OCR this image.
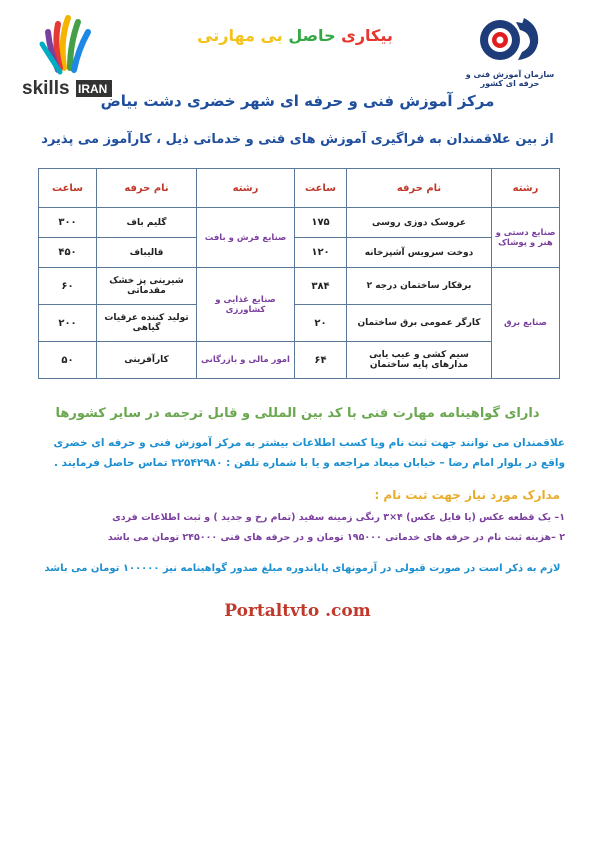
سازمان آموزش فنی و حرفه ای کشور
skills IRAN
بیکاری حاصل بی مهارتی
مرکز آموزش فنی و حرفه ای شهر خضری دشت بیاض
از بین علاقمندان به فراگیری آموزش های فنی و خدماتی ذیل ، کارآموز می پذیرد
رشته	نام حرفه	ساعت	رشته	نام حرفه	ساعت
صنایع دستی و هنر و پوشاک	عروسک دوزی روسی	۱۷۵	صنایع فرش و بافت	گلیم باف	۳۰۰
	دوخت سرویس آشپزخانه	۱۲۰		قالیباف	۴۵۰
صنایع برق	برقکار ساختمان درجه ۲	۳۸۴	صنایع غذایی و کشاورزی	شیرینی پز خشک مقدماتی	۶۰
	کارگر عمومی برق ساختمان	۲۰		تولید کننده عرقیات گیاهی	۲۰۰
	سیم کشی و عیب یابی مدارهای پایه ساختمان	۶۴	امور مالی و بازرگانی	کارآفرینی	۵۰
دارای گواهینامه مهارت فنی با کد بین المللی و قابل ترجمه در سایر کشورها
علاقمندان می توانند جهت ثبت نام ویا کسب اطلاعات بیشتر به مرکز آموزش فنی و حرفه ای خضری واقع در بلوار امام رضا – خیابان میعاد مراجعه و یا با شماره تلفن : ۳۲۵۴۲۹۸۰ تماس حاصل فرمایند .
مدارک مورد نیاز جهت ثبت نام :
۱– یک قطعه عکس (یا فایل عکس) ۴×۳ رنگی زمینه سفید (تمام رخ و جدید ) و ثبت اطلاعات فردی
۲ –هزینه ثبت نام در حرفه های خدماتی ۱۹۵۰۰۰ تومان و در حرفه های فنی ۲۴۵۰۰۰ تومان می باشد
لازم به ذکر است در صورت قبولی در آزمونهای پایاندوره مبلغ صدور گواهینامه نیز ۱۰۰۰۰۰ تومان می باشد
Portaltvto .com
